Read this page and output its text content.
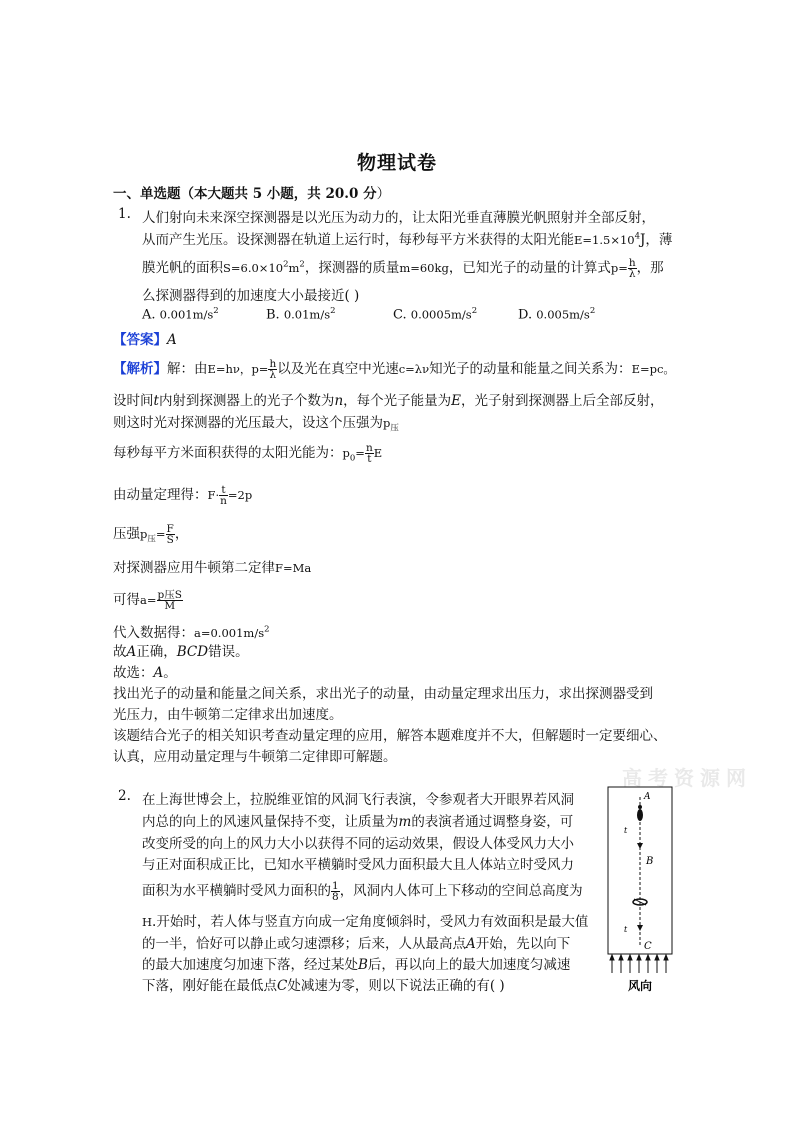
物理试卷
一、单选题（本大题共 5 小题，共 20.0 分）
1. 人们射向未来深空探测器是以光压为动力的，让太阳光垂直薄膜光帆照射并全部反射，
从而产生光压。设探测器在轨道上运行时，每秒每平方米获得的太阳光能$E=1.5\times 10^4J$，薄
膜光帆的面积$S=6.0\times 10^2m^2$，探测器的质量m=60kg，已知光子的动量的计算式$p= \frac{h}{\lambda}$ ，那
么探测器得到的加速度大小最接近( )
A. $0.001m/s^2$	B. $0.01m/s^2$	C. $0.0005m/s^2$	D. $0.005m/s^2$
【答案】A
【解析】解：由E=hν，$p= \frac{h}{\lambda}$ 以及光在真空中光速c=λν知光子的动量和能量之间关系为：E=pc。
设时间t内射到探测器上的光子个数为n，每个光子能量为E，光子射到探测器上后全部反射，
则这时光对探测器的光压最大，设这个压强为$p_压$
每秒每平方米面积获得的太阳光能为：$p_0= \frac{n}{t}$ E
由动量定理得：$F\cdot \frac{t}{n} =2p$
压强$p_压= \frac{F}{S}$ ，
对探测器应用牛顿第二定律F=Ma
可得$a= \frac{\text{p压S}}{M}$
代入数据得：$a=0.001m/s^2$
故A正确，BCD错误。
故选：A。
找出光子的动量和能量之间关系，求出光子的动量，由动量定理求出压力，求出探测器受到
光压力，由牛顿第二定律求出加速度。
该题结合光子的相关知识考查动量定理的应用，解答本题难度并不大，但解题时一定要细心、
认真，应用动量定理与牛顿第二定律即可解题。
2. 在上海世博会上，拉脱维亚馆的风洞飞行表演，令参观者大开眼界若风洞
内总的向上的风速风量保持不变，让质量为m的表演者通过调整身姿，可
改变所受的向上的风力大小以获得不同的运动效果，假设人体受风力大小
与正对面积成正比，已知水平横躺时受风力面积最大且人体站立时受风力
面积为水平横躺时受风力面积的 $\frac{1}{8}$ ，风洞内人体可上下移动的空间总高度为
H.开始时，若人体与竖直方向成一定角度倾斜时，受风力有效面积是最大值
的一半，恰好可以静止或匀速漂移；后来，人从最高点A开始，先以向下
的最大加速度匀加速下落，经过某处B后，再以向上的最大加速度匀减速
下落，刚好能在最低点C处减速为零，则以下说法正确的有( )
高考资源网
A
B
C
t
t
风向
